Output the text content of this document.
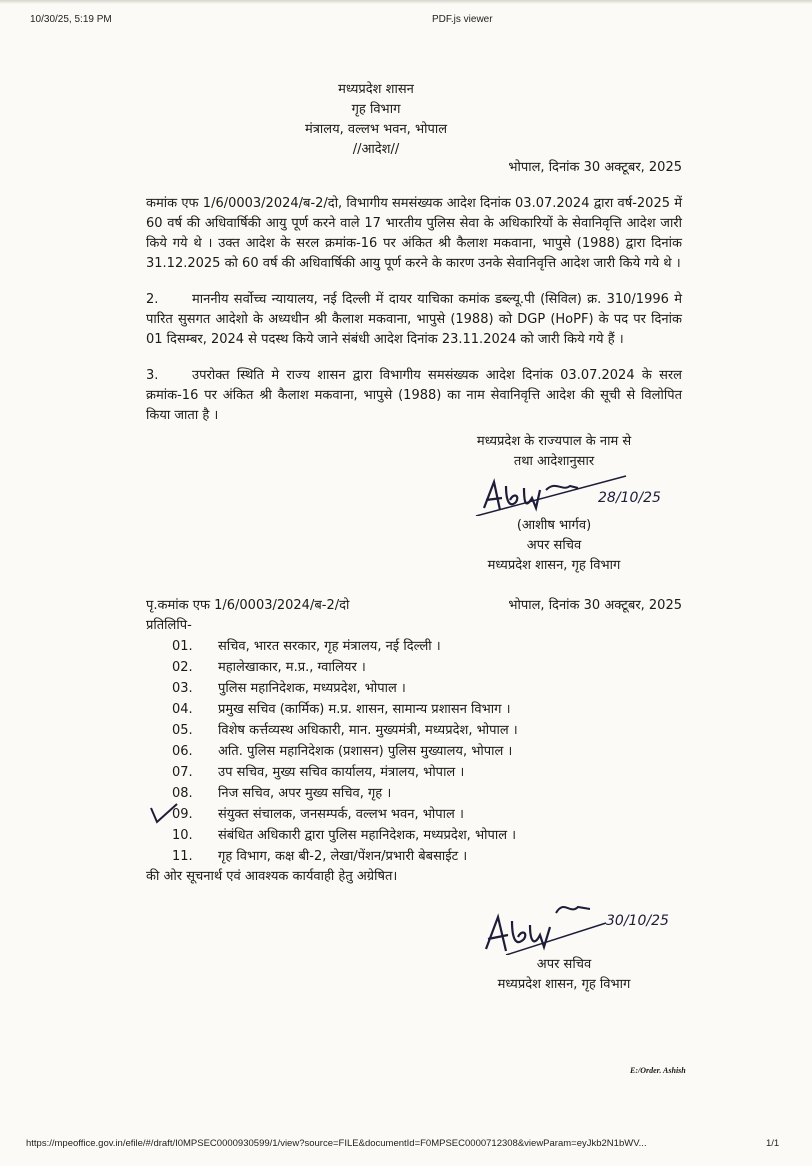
10/30/25, 5:19 PM	PDF.js viewer
मध्यप्रदेश शासन
गृह विभाग
मंत्रालय, वल्लभ भवन, भोपाल
//आदेश//
भोपाल, दिनांक 30 अक्टूबर, 2025
कमांक एफ 1/6/0003/2024/ब-2/दो, विभागीय समसंख्यक आदेश दिनांक 03.07.2024 द्वारा वर्ष-2025 में 60 वर्ष की अधिवार्षिकी आयु पूर्ण करने वाले 17 भारतीय पुलिस सेवा के अधिकारियों के सेवानिवृत्ति आदेश जारी किये गये थे । उक्त आदेश के सरल क्रमांक-16 पर अंकित श्री कैलाश मकवाना, भापुसे (1988) द्वारा दिनांक 31.12.2025 को 60 वर्ष की अधिवार्षिकी आयु पूर्ण करने के कारण उनके सेवानिवृत्ति आदेश जारी किये गये थे ।
2.	माननीय सर्वोच्च न्यायालय, नई दिल्ली में दायर याचिका कमांक डब्ल्यू.पी (सिविल) क्र. 310/1996 मे पारित सुसगत आदेशो के अध्यधीन श्री कैलाश मकवाना, भापुसे (1988) को DGP (HoPF) के पद पर दिनांक 01 दिसम्बर, 2024 से पदस्थ किये जाने संबंधी आदेश दिनांक 23.11.2024 को जारी किये गये हैं ।
3.	उपरोक्त स्थिति मे राज्य शासन द्वारा विभागीय समसंख्यक आदेश दिनांक 03.07.2024 के सरल क्रमांक-16 पर अंकित श्री कैलाश मकवाना, भापुसे (1988) का नाम सेवानिवृत्ति आदेश की सूची से विलोपित किया जाता है ।
मध्यप्रदेश के राज्यपाल के नाम से
तथा आदेशानुसार
28/10/25
(आशीष भार्गव)
अपर सचिव
मध्यप्रदेश शासन, गृह विभाग
पृ.कमांक एफ 1/6/0003/2024/ब-2/दो	भोपाल, दिनांक 30 अक्टूबर, 2025
प्रतिलिपि-
01.	सचिव, भारत सरकार, गृह मंत्रालय, नई दिल्ली ।
02.	महालेखाकार, म.प्र., ग्वालियर ।
03.	पुलिस महानिदेशक, मध्यप्रदेश, भोपाल ।
04.	प्रमुख सचिव (कार्मिक) म.प्र. शासन, सामान्य प्रशासन विभाग ।
05.	विशेष कर्त्तव्यस्थ अधिकारी, मान. मुख्यमंत्री, मध्यप्रदेश, भोपाल ।
06.	अति. पुलिस महानिदेशक (प्रशासन) पुलिस मुख्यालय, भोपाल ।
07.	उप सचिव, मुख्य सचिव कार्यालय, मंत्रालय, भोपाल ।
08.	निज सचिव, अपर मुख्य सचिव, गृह ।
09.	संयुक्त संचालक, जनसम्पर्क, वल्लभ भवन, भोपाल ।
10.	संबंधित अधिकारी द्वारा पुलिस महानिदेशक, मध्यप्रदेश, भोपाल ।
11.	गृह विभाग, कक्ष बी-2, लेखा/पेंशन/प्रभारी बेबसाईट ।
की ओर सूचनार्थ एवं आवश्यक कार्यवाही हेतु अग्रेषित।
30/10/25
अपर सचिव
मध्यप्रदेश शासन, गृह विभाग
E:/Order. Ashish
https://mpeoffice.gov.in/efile/#/draft/I0MPSEC0000930599/1/view?source=FILE&documentId=F0MPSEC0000712308&viewParam=eyJkb2N1bWV...	1/1
